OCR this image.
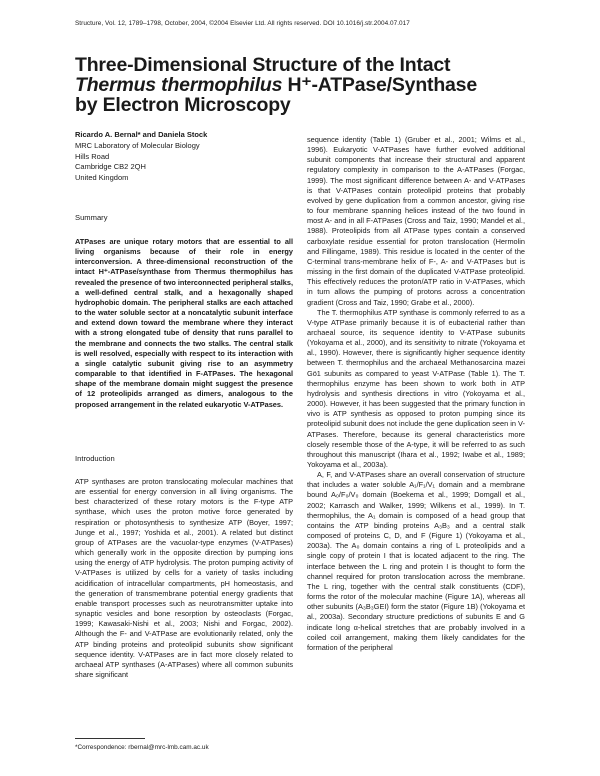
Structure, Vol. 12, 1789–1798, October, 2004, ©2004 Elsevier Ltd. All rights reserved. DOI 10.1016/j.str.2004.07.017
Three-Dimensional Structure of the Intact
Thermus thermophilus H⁺-ATPase/Synthase
by Electron Microscopy
Ricardo A. Bernal* and Daniela Stock
MRC Laboratory of Molecular Biology
Hills Road
Cambridge CB2 2QH
United Kingdom
Summary
ATPases are unique rotary motors that are essential to all living organisms because of their role in energy interconversion. A three-dimensional reconstruction of the intact H⁺-ATPase/synthase from Thermus thermophilus has revealed the presence of two interconnected peripheral stalks, a well-defined central stalk, and a hexagonally shaped hydrophobic domain. The peripheral stalks are each attached to the water soluble sector at a noncatalytic subunit interface and extend down toward the membrane where they interact with a strong elongated tube of density that runs parallel to the membrane and connects the two stalks. The central stalk is well resolved, especially with respect to its interaction with a single catalytic subunit giving rise to an asymmetry comparable to that identified in F-ATPases. The hexagonal shape of the membrane domain might suggest the presence of 12 proteolipids arranged as dimers, analogous to the proposed arrangement in the related eukaryotic V-ATPases.
Introduction
ATP synthases are proton translocating molecular machines that are essential for energy conversion in all living organisms. The best characterized of these rotary motors is the F-type ATP synthase, which uses the proton motive force generated by respiration or photosynthesis to synthesize ATP (Boyer, 1997; Junge et al., 1997; Yoshida et al., 2001). A related but distinct group of ATPases are the vacuolar-type enzymes (V-ATPases) which generally work in the opposite direction by pumping ions using the energy of ATP hydrolysis. The proton pumping activity of V-ATPases is utilized by cells for a variety of tasks including acidification of intracellular compartments, pH homeostasis, and the generation of transmembrane potential energy gradients that enable transport processes such as neurotransmitter uptake into synaptic vesicles and bone resorption by osteoclasts (Forgac, 1999; Kawasaki-Nishi et al., 2003; Nishi and Forgac, 2002). Although the F- and V-ATPase are evolutionarily related, only the ATP binding proteins and proteolipid subunits show significant sequence identity. V-ATPases are in fact more closely related to archaeal ATP synthases (A-ATPases) where all common subunits share significant

sequence identity (Table 1) (Gruber et al., 2001; Wilms et al., 1996). Eukaryotic V-ATPases have further evolved additional subunit components that increase their structural and apparent regulatory complexity in comparison to the A-ATPases (Forgac, 1999). The most significant difference between A- and V-ATPases is that V-ATPases contain proteolipid proteins that probably evolved by gene duplication from a common ancestor, giving rise to four membrane spanning helices instead of the two found in most A- and in all F-ATPases (Cross and Taiz, 1990; Mandel et al., 1988). Proteolipids from all ATPase types contain a conserved carboxylate residue essential for proton translocation (Hermolin and Fillingame, 1989). This residue is located in the center of the C-terminal trans-membrane helix of F-, A- and V-ATPases but is missing in the first domain of the duplicated V-ATPase proteolipid. This effectively reduces the proton/ATP ratio in V-ATPases, which in turn allows the pumping of protons across a concentration gradient (Cross and Taiz, 1990; Grabe et al., 2000).

The T. thermophilus ATP synthase is commonly referred to as a V-type ATPase primarily because it is of eubacterial rather than archaeal source, its sequence identity to V-ATPase subunits (Yokoyama et al., 2000), and its sensitivity to nitrate (Yokoyama et al., 1990). However, there is significantly higher sequence identity between T. thermophilus and the archaeal Methanosarcina mazei Gö1 subunits as compared to yeast V-ATPase (Table 1). The T. thermophilus enzyme has been shown to work both in ATP hydrolysis and synthesis directions in vitro (Yokoyama et al., 2000). However, it has been suggested that the primary function in vivo is ATP synthesis as opposed to proton pumping since its proteolipid subunit does not include the gene duplication seen in V-ATPases. Therefore, because its general characteristics more closely resemble those of the A-type, it will be referred to as such throughout this manuscript (Ihara et al., 1992; Iwabe et al., 1989; Yokoyama et al., 2003a).

A, F, and V-ATPases share an overall conservation of structure that includes a water soluble A₁/F₁/V₁ domain and a membrane bound A₀/F₀/V₀ domain (Boekema et al., 1999; Domgall et al., 2002; Karrasch and Walker, 1999; Wilkens et al., 1999). In T. thermophilus, the A₁ domain is composed of a head group that contains the ATP binding proteins A₃B₃ and a central stalk composed of proteins C, D, and F (Figure 1) (Yokoyama et al., 2003a). The A₀ domain contains a ring of L proteolipids and a single copy of protein I that is located adjacent to the ring. The interface between the L ring and protein I is thought to form the channel required for proton translocation across the membrane. The L ring, together with the central stalk constituents (CDF), forms the rotor of the molecular machine (Figure 1A), whereas all other subunits (A₃B₃GEI) form the stator (Figure 1B) (Yokoyama et al., 2003a). Secondary structure predictions of subunits E and G indicate long α-helical stretches that are probably involved in a coiled coil arrangement, making them likely candidates for the formation of the peripheral

*Correspondence: rbernal@mrc-lmb.cam.ac.uk
